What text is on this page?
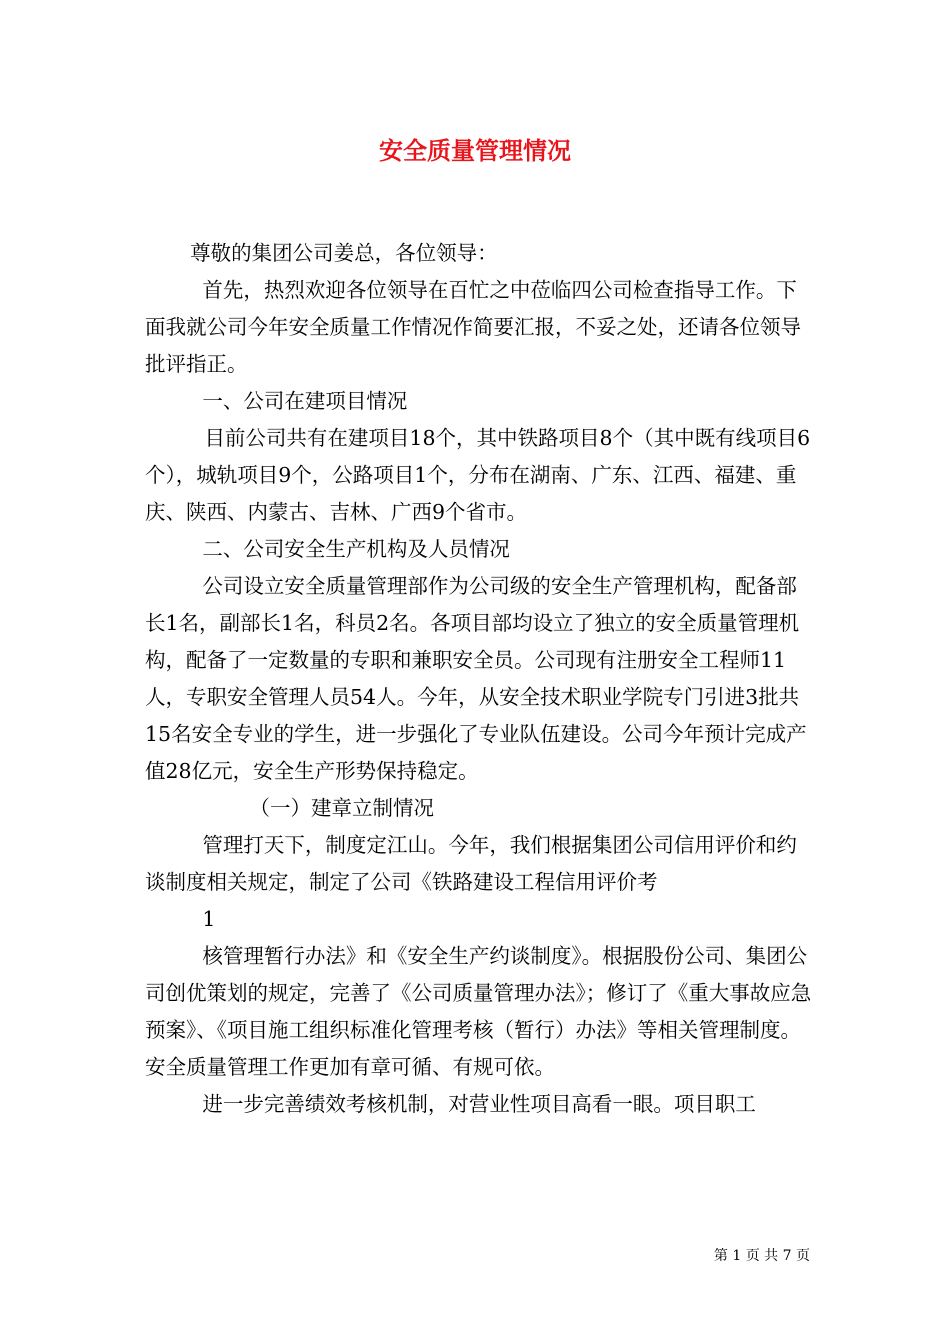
安全质量管理情况

尊敬的集团公司姜总，各位领导：

首先，热烈欢迎各位领导在百忙之中莅临四公司检查指导工作。下面我就公司今年安全质量工作情况作简要汇报，不妥之处，还请各位领导批评指正。

一、公司在建项目情况

目前公司共有在建项目18个，其中铁路项目8个（其中既有线项目6个），城轨项目9个，公路项目1个，分布在湖南、广东、江西、福建、重庆、陕西、内蒙古、吉林、广西9个省市。

二、公司安全生产机构及人员情况

公司设立安全质量管理部作为公司级的安全生产管理机构，配备部长1名，副部长1名，科员2名。各项目部均设立了独立的安全质量管理机构，配备了一定数量的专职和兼职安全员。公司现有注册安全工程师11人，专职安全管理人员54人。今年，从安全技术职业学院专门引进3批共15名安全专业的学生，进一步强化了专业队伍建设。公司今年预计完成产值28亿元，安全生产形势保持稳定。

（一）建章立制情况

管理打天下，制度定江山。今年，我们根据集团公司信用评价和约谈制度相关规定，制定了公司《铁路建设工程信用评价考

1

核管理暂行办法》和《安全生产约谈制度》。根据股份公司、集团公司创优策划的规定，完善了《公司质量管理办法》；修订了《重大事故应急预案》、《项目施工组织标准化管理考核（暂行）办法》等相关管理制度。安全质量管理工作更加有章可循、有规可依。

进一步完善绩效考核机制，对营业性项目高看一眼。项目职工

第 1 页 共 7 页
